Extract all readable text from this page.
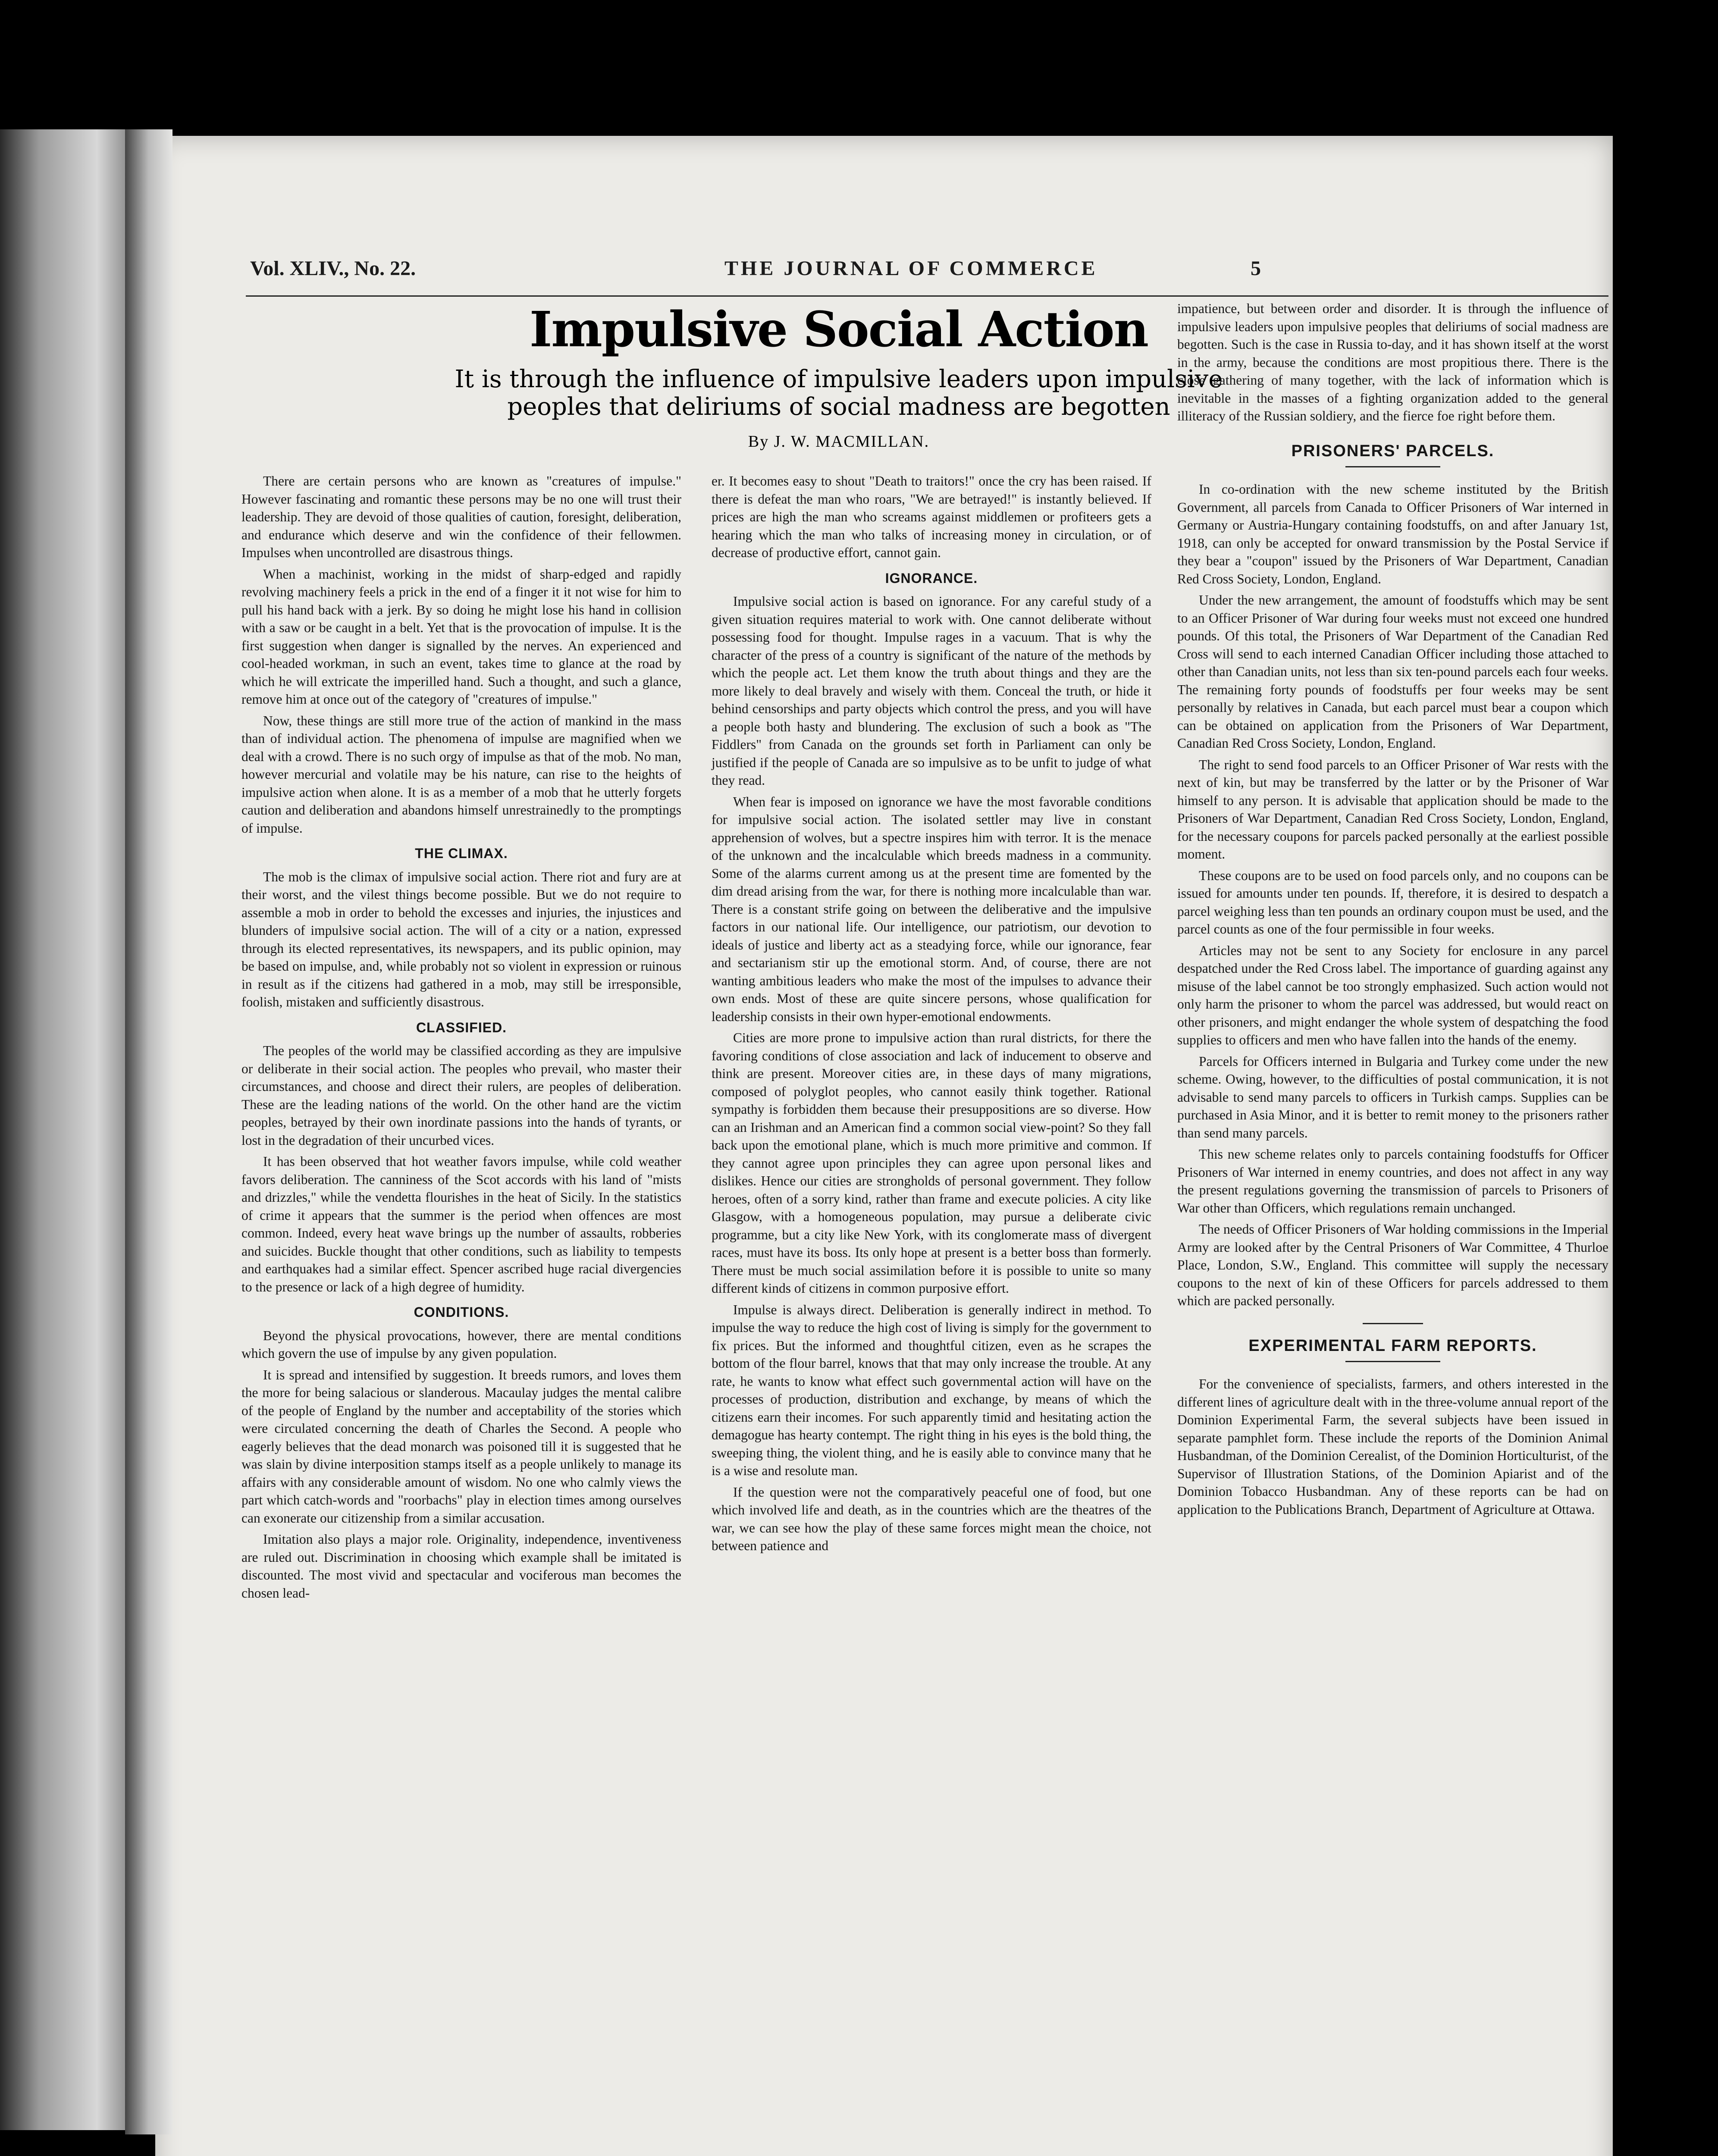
Vol. XLIV., No. 22.	THE JOURNAL OF COMMERCE	5
Impulsive Social Action
It is through the influence of impulsive leaders upon impulsive peoples that deliriums of social madness are begotten
By J. W. MACMILLAN.

There are certain persons who are known as "creatures of impulse." However fascinating and romantic these persons may be no one will trust their leadership. They are devoid of those qualities of caution, foresight, deliberation, and endurance which deserve and win the confidence of their fellowmen. Impulses when uncontrolled are disastrous things.

When a machinist, working in the midst of sharp-edged and rapidly revolving machinery feels a prick in the end of a finger it it not wise for him to pull his hand back with a jerk. By so doing he might lose his hand in collision with a saw or be caught in a belt. Yet that is the provocation of impulse. It is the first suggestion when danger is signalled by the nerves. An experienced and cool-headed workman, in such an event, takes time to glance at the road by which he will extricate the imperilled hand. Such a thought, and such a glance, remove him at once out of the category of "creatures of impulse."

Now, these things are still more true of the action of mankind in the mass than of individual action. The phenomena of impulse are magnified when we deal with a crowd. There is no such orgy of impulse as that of the mob. No man, however mercurial and volatile may be his nature, can rise to the heights of impulsive action when alone. It is as a member of a mob that he utterly forgets caution and deliberation and abandons himself unrestrainedly to the promptings of impulse.

THE CLIMAX.

The mob is the climax of impulsive social action. There riot and fury are at their worst, and the vilest things become possible. But we do not require to assemble a mob in order to behold the excesses and injuries, the injustices and blunders of impulsive social action. The will of a city or a nation, expressed through its elected representatives, its newspapers, and its public opinion, may be based on impulse, and, while probably not so violent in expression or ruinous in result as if the citizens had gathered in a mob, may still be irresponsible, foolish, mistaken and sufficiently disastrous.

CLASSIFIED.

The peoples of the world may be classified according as they are impulsive or deliberate in their social action. The peoples who prevail, who master their circumstances, and choose and direct their rulers, are peoples of deliberation. These are the leading nations of the world. On the other hand are the victim peoples, betrayed by their own inordinate passions into the hands of tyrants, or lost in the degradation of their uncurbed vices.

It has been observed that hot weather favors impulse, while cold weather favors deliberation. The canniness of the Scot accords with his land of "mists and drizzles," while the vendetta flourishes in the heat of Sicily. In the statistics of crime it appears that the summer is the period when offences are most common. Indeed, every heat wave brings up the number of assaults, robberies and suicides. Buckle thought that other conditions, such as liability to tempests and earthquakes had a similar effect. Spencer ascribed huge racial divergencies to the presence or lack of a high degree of humidity.

CONDITIONS.

Beyond the physical provocations, however, there are mental conditions which govern the use of impulse by any given population.

It is spread and intensified by suggestion. It breeds rumors, and loves them the more for being salacious or slanderous. Macaulay judges the mental calibre of the people of England by the number and acceptability of the stories which were circulated concerning the death of Charles the Second. A people who eagerly believes that the dead monarch was poisoned till it is suggested that he was slain by divine interposition stamps itself as a people unlikely to manage its affairs with any considerable amount of wisdom. No one who calmly views the part which catch-words and "roorbachs" play in election times among ourselves can exonerate our citizenship from a similar accusation.

Imitation also plays a major role. Originality, independence, inventiveness are ruled out. Discrimination in choosing which example shall be imitated is discounted. The most vivid and spectacular and vociferous man becomes the chosen lead-

er. It becomes easy to shout "Death to traitors!" once the cry has been raised. If there is defeat the man who roars, "We are betrayed!" is instantly believed. If prices are high the man who screams against middlemen or profiteers gets a hearing which the man who talks of increasing money in circulation, or of decrease of productive effort, cannot gain.

IGNORANCE.

Impulsive social action is based on ignorance. For any careful study of a given situation requires material to work with. One cannot deliberate without possessing food for thought. Impulse rages in a vacuum. That is why the character of the press of a country is significant of the nature of the methods by which the people act. Let them know the truth about things and they are the more likely to deal bravely and wisely with them. Conceal the truth, or hide it behind censorships and party objects which control the press, and you will have a people both hasty and blundering. The exclusion of such a book as "The Fiddlers" from Canada on the grounds set forth in Parliament can only be justified if the people of Canada are so impulsive as to be unfit to judge of what they read.

When fear is imposed on ignorance we have the most favorable conditions for impulsive social action. The isolated settler may live in constant apprehension of wolves, but a spectre inspires him with terror. It is the menace of the unknown and the incalculable which breeds madness in a community. Some of the alarms current among us at the present time are fomented by the dim dread arising from the war, for there is nothing more incalculable than war. There is a constant strife going on between the deliberative and the impulsive factors in our national life. Our intelligence, our patriotism, our devotion to ideals of justice and liberty act as a steadying force, while our ignorance, fear and sectarianism stir up the emotional storm. And, of course, there are not wanting ambitious leaders who make the most of the impulses to advance their own ends. Most of these are quite sincere persons, whose qualification for leadership consists in their own hyper-emotional endowments.

Cities are more prone to impulsive action than rural districts, for there the favoring conditions of close association and lack of inducement to observe and think are present. Moreover cities are, in these days of many migrations, composed of polyglot peoples, who cannot easily think together. Rational sympathy is forbidden them because their presuppositions are so diverse. How can an Irishman and an American find a common social view-point? So they fall back upon the emotional plane, which is much more primitive and common. If they cannot agree upon principles they can agree upon personal likes and dislikes. Hence our cities are strongholds of personal government. They follow heroes, often of a sorry kind, rather than frame and execute policies. A city like Glasgow, with a homogeneous population, may pursue a deliberate civic programme, but a city like New York, with its conglomerate mass of divergent races, must have its boss. Its only hope at present is a better boss than formerly. There must be much social assimilation before it is possible to unite so many different kinds of citizens in common purposive effort.

Impulse is always direct. Deliberation is generally indirect in method. To impulse the way to reduce the high cost of living is simply for the government to fix prices. But the informed and thoughtful citizen, even as he scrapes the bottom of the flour barrel, knows that that may only increase the trouble. At any rate, he wants to know what effect such governmental action will have on the processes of production, distribution and exchange, by means of which the citizens earn their incomes. For such apparently timid and hesitating action the demagogue has hearty contempt. The right thing in his eyes is the bold thing, the sweeping thing, the violent thing, and he is easily able to convince many that he is a wise and resolute man.

If the question were not the comparatively peaceful one of food, but one which involved life and death, as in the countries which are the theatres of the war, we can see how the play of these same forces might mean the choice, not between patience and

impatience, but between order and disorder. It is through the influence of impulsive leaders upon impulsive peoples that deliriums of social madness are begotten. Such is the case in Russia to-day, and it has shown itself at the worst in the army, because the conditions are most propitious there. There is the close gathering of many together, with the lack of information which is inevitable in the masses of a fighting organization added to the general illiteracy of the Russian soldiery, and the fierce foe right before them.

PRISONERS' PARCELS.

In co-ordination with the new scheme instituted by the British Government, all parcels from Canada to Officer Prisoners of War interned in Germany or Austria-Hungary containing foodstuffs, on and after January 1st, 1918, can only be accepted for onward transmission by the Postal Service if they bear a "coupon" issued by the Prisoners of War Department, Canadian Red Cross Society, London, England.

Under the new arrangement, the amount of foodstuffs which may be sent to an Officer Prisoner of War during four weeks must not exceed one hundred pounds. Of this total, the Prisoners of War Department of the Canadian Red Cross will send to each interned Canadian Officer including those attached to other than Canadian units, not less than six ten-pound parcels each four weeks. The remaining forty pounds of foodstuffs per four weeks may be sent personally by relatives in Canada, but each parcel must bear a coupon which can be obtained on application from the Prisoners of War Department, Canadian Red Cross Society, London, England.

The right to send food parcels to an Officer Prisoner of War rests with the next of kin, but may be transferred by the latter or by the Prisoner of War himself to any person. It is advisable that application should be made to the Prisoners of War Department, Canadian Red Cross Society, London, England, for the necessary coupons for parcels packed personally at the earliest possible moment.

These coupons are to be used on food parcels only, and no coupons can be issued for amounts under ten pounds. If, therefore, it is desired to despatch a parcel weighing less than ten pounds an ordinary coupon must be used, and the parcel counts as one of the four permissible in four weeks.

Articles may not be sent to any Society for enclosure in any parcel despatched under the Red Cross label. The importance of guarding against any misuse of the label cannot be too strongly emphasized. Such action would not only harm the prisoner to whom the parcel was addressed, but would react on other prisoners, and might endanger the whole system of despatching the food supplies to officers and men who have fallen into the hands of the enemy.

Parcels for Officers interned in Bulgaria and Turkey come under the new scheme. Owing, however, to the difficulties of postal communication, it is not advisable to send many parcels to officers in Turkish camps. Supplies can be purchased in Asia Minor, and it is better to remit money to the prisoners rather than send many parcels.

This new scheme relates only to parcels containing foodstuffs for Officer Prisoners of War interned in enemy countries, and does not affect in any way the present regulations governing the transmission of parcels to Prisoners of War other than Officers, which regulations remain unchanged.

The needs of Officer Prisoners of War holding commissions in the Imperial Army are looked after by the Central Prisoners of War Committee, 4 Thurloe Place, London, S.W., England. This committee will supply the necessary coupons to the next of kin of these Officers for parcels addressed to them which are packed personally.

EXPERIMENTAL FARM REPORTS.

For the convenience of specialists, farmers, and others interested in the different lines of agriculture dealt with in the three-volume annual report of the Dominion Experimental Farm, the several subjects have been issued in separate pamphlet form. These include the reports of the Dominion Animal Husbandman, of the Dominion Cerealist, of the Dominion Horticulturist, of the Supervisor of Illustration Stations, of the Dominion Apiarist and of the Dominion Tobacco Husbandman. Any of these reports can be had on application to the Publications Branch, Department of Agriculture at Ottawa.
